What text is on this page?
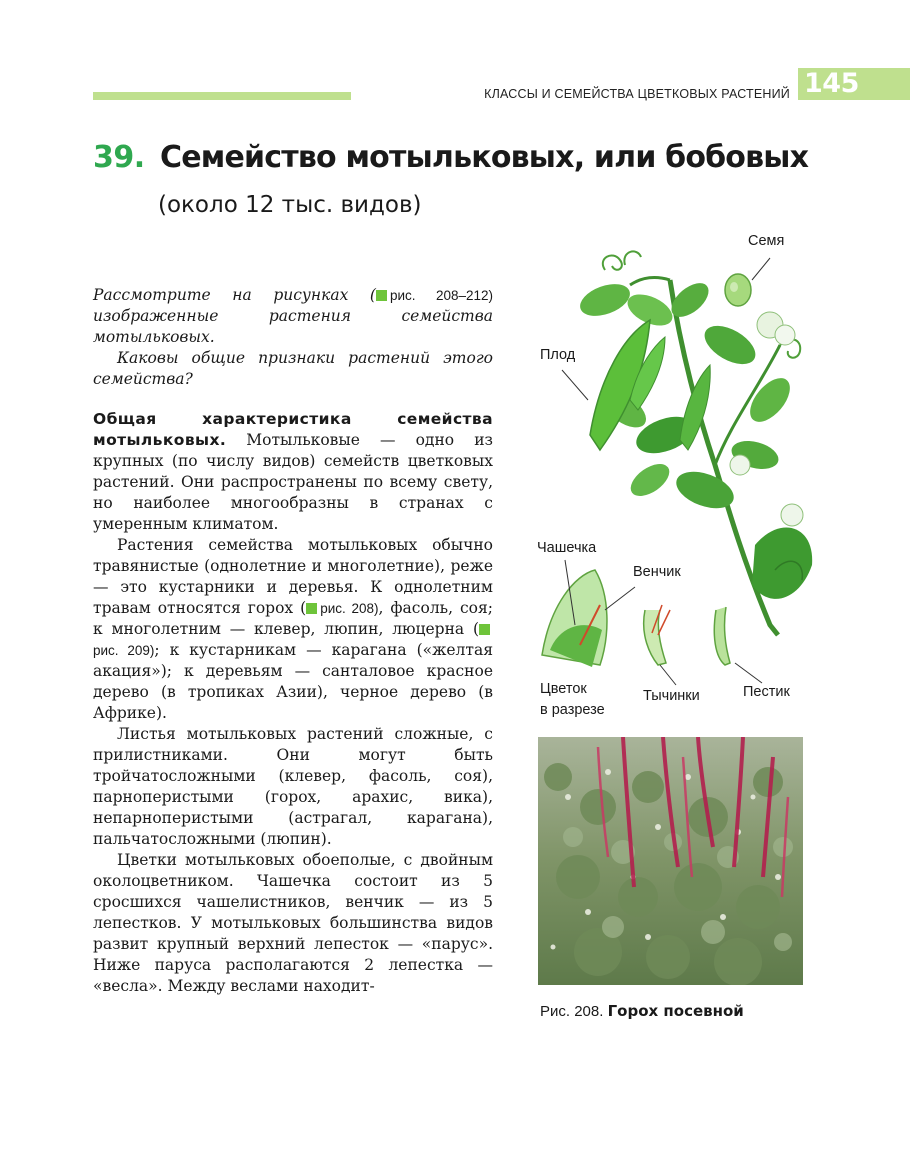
КЛАССЫ И СЕМЕЙСТВА ЦВЕТКОВЫХ РАСТЕНИЙ 145
39. Семейство мотыльковых, или бобовых
(около 12 тыс. видов)

Рассмотрите на рисунках ( рис. 208–212) изображенные растения семейства мотыльковых.

Каковы общие признаки растений этого семейства?

Общая характеристика семейства мотыльковых. Мотыльковые — одно из крупных (по числу видов) семейств цветковых растений. Они распространены по всему свету, но наиболее многообразны в странах с умеренным климатом.

Растения семейства мотыльковых обычно травянистые (однолетние и многолетние), реже — это кустарники и деревья. К однолетним травам относятся горох ( рис. 208), фасоль, соя; к многолетним — клевер, люпин, люцерна (рис. 209); к кустарникам — карагана («желтая акация»); к деревьям — санталовое красное дерево (в тропиках Азии), черное дерево (в Африке).

Листья мотыльковых растений сложные, с прилистниками. Они могут быть тройчатосложными (клевер, фасоль, соя), парноперистыми (горох, арахис, вика), непарноперистыми (астрагал, карагана), пальчатосложными (люпин).

Цветки мотыльковых обоеполые, с двойным околоцветником. Чашечка состоит из 5 сросшихся чашелистников, венчик — из 5 лепестков. У мотыльковых большинства видов развит крупный верхний лепесток — «парус». Ниже паруса располагаются 2 лепестка — «весла». Между веслами находит-

Семя
Плод
Чашечка
Венчик
Цветок
в разрезе
Тычинки	Пестик
Рис. 208. Горох посевной
